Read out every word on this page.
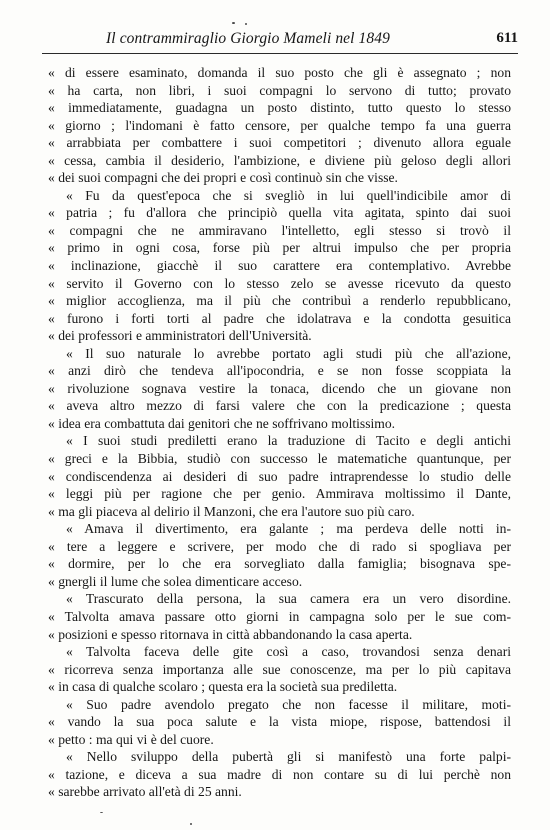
Il contrammiraglio Giorgio Mameli nel 1849	611
« di essere esaminato, domanda il suo posto che gli è assegnato ; non
« ha carta, non libri, i suoi compagni lo servono di tutto; provato
« immediatamente, guadagna un posto distinto, tutto questo lo stesso
« giorno ; l'indomani è fatto censore, per qualche tempo fa una guerra
« arrabbiata per combattere i suoi competitori ; divenuto allora eguale
« cessa, cambia il desiderio, l'ambizione, e diviene più geloso degli allori
« dei suoi compagni che dei propri e così continuò sin che visse.
« Fu da quest'epoca che si svegliò in lui quell'indicibile amor di
« patria ; fu d'allora che principiò quella vita agitata, spinto dai suoi
« compagni che ne ammiravano l'intelletto, egli stesso si trovò il
« primo in ogni cosa, forse più per altrui impulso che per propria
« inclinazione, giacchè il suo carattere era contemplativo. Avrebbe
« servito il Governo con lo stesso zelo se avesse ricevuto da questo
« miglior accoglienza, ma il più che contribuì a renderlo repubblicano,
« furono i forti torti al padre che idolatrava e la condotta gesuitica
« dei professori e amministratori dell'Università.
« Il suo naturale lo avrebbe portato agli studi più che all'azione,
« anzi dirò che tendeva all'ipocondria, e se non fosse scoppiata la
« rivoluzione sognava vestire la tonaca, dicendo che un giovane non
« aveva altro mezzo di farsi valere che con la predicazione ; questa
« idea era combattuta dai genitori che ne soffrivano moltissimo.
« I suoi studi prediletti erano la traduzione di Tacito e degli antichi
« greci e la Bibbia, studiò con successo le matematiche quantunque, per
« condiscendenza ai desideri di suo padre intraprendesse lo studio delle
« leggi più per ragione che per genio. Ammirava moltissimo il Dante,
« ma gli piaceva al delirio il Manzoni, che era l'autore suo più caro.
« Amava il divertimento, era galante ; ma perdeva delle notti in-
« tere a leggere e scrivere, per modo che di rado si spogliava per
« dormire, per lo che era sorvegliato dalla famiglia; bisognava spe-
« gnergli il lume che solea dimenticare acceso.
« Trascurato della persona, la sua camera era un vero disordine.
« Talvolta amava passare otto giorni in campagna solo per le sue com-
« posizioni e spesso ritornava in città abbandonando la casa aperta.
« Talvolta faceva delle gite così a caso, trovandosi senza denari
« ricorreva senza importanza alle sue conoscenze, ma per lo più capitava
« in casa di qualche scolaro ; questa era la società sua prediletta.
« Suo padre avendolo pregato che non facesse il militare, moti-
« vando la sua poca salute e la vista miope, rispose, battendosi il
« petto : ma qui vi è del cuore.
« Nello sviluppo della pubertà gli si manifestò una forte palpi-
« tazione, e diceva a sua madre di non contare su di lui perchè non
« sarebbe arrivato all'età di 25 anni.
